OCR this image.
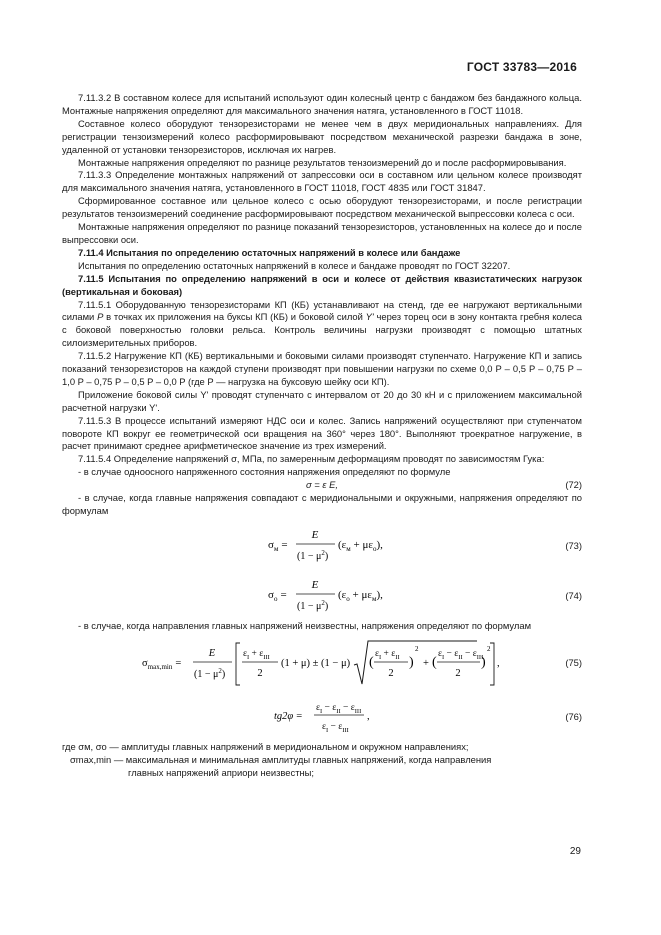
ГОСТ 33783—2016

7.11.3.2 В составном колесе для испытаний используют один колесный центр с бандажом без бандажного кольца. Монтажные напряжения определяют для максимального значения натяга, установленного в ГОСТ 11018.

Составное колесо оборудуют тензорезисторами не менее чем в двух меридиональных направлениях. Для регистрации тензоизмерений колесо расформировывают посредством механической разрезки бандажа в зоне, удаленной от установки тензорезисторов, исключая их нагрев.

Монтажные напряжения определяют по разнице результатов тензоизмерений до и после расформировывания.

7.11.3.3 Определение монтажных напряжений от запрессовки оси в составном или цельном колесе производят для максимального значения натяга, установленного в ГОСТ 11018, ГОСТ 4835 или ГОСТ 31847.

Сформированное составное или цельное колесо с осью оборудуют тензорезисторами, и после регистрации результатов тензоизмерений соединение расформировывают посредством механической выпрессовки колеса с оси.

Монтажные напряжения определяют по разнице показаний тензорезисторов, установленных на колесе до и после выпрессовки оси.

7.11.4 Испытания по определению остаточных напряжений в колесе или бандаже

Испытания по определению остаточных напряжений в колесе и бандаже проводят по ГОСТ 32207.

7.11.5 Испытания по определению напряжений в оси и колесе от действия квазистатических нагрузок (вертикальная и боковая)

7.11.5.1 Оборудованную тензорезисторами КП (КБ) устанавливают на стенд, где ее нагружают вертикальными силами P в точках их приложения на буксы КП (КБ) и боковой силой Y' через торец оси в зону контакта гребня колеса с боковой поверхностью головки рельса. Контроль величины нагрузки производят с помощью штатных силоизмерительных приборов.

7.11.5.2 Нагружение КП (КБ) вертикальными и боковыми силами производят ступенчато. Нагружение КП и запись показаний тензорезисторов на каждой ступени производят при повышении нагрузки по схеме 0,0 P – 0,5 P – 0,75 P – 1,0 P – 0,75 P – 0,5 P – 0,0 P (где P — нагрузка на буксовую шейку оси КП).

Приложение боковой силы Y' проводят ступенчато с интервалом от 20 до 30 кН и с приложением максимальной расчетной нагрузки Y'.

7.11.5.3 В процессе испытаний измеряют НДС оси и колес. Запись напряжений осуществляют при ступенчатом повороте КП вокруг ее геометрической оси вращения на 360° через 180°. Выполняют троекратное нагружение, в расчет принимают среднее арифметическое значение из трех измерений.

7.11.5.4 Определение напряжений σ, МПа, по замеренным деформациям проводят по зависимостям Гука:

- в случае одноосного напряженного состояния напряжения определяют по формуле

σ = ε E,	(72)

- в случае, когда главные напряжения совпадают с меридиональными и окружными, напряжения определяют по формулам

$\sigma_м$ =
E
$(1 - \mu^2)$
$(\varepsilon_м + \mu\varepsilon_о)$,	(73)
$\sigma_о$ =
E
$(1 - \mu^2)$
$(\varepsilon_о + \mu\varepsilon_м)$,	(74)

- в случае, когда направления главных напряжений неизвестны, напряжения определяют по формулам

$\sigma_{max,min}$ =
E
$(1 - \mu^2)$
$\varepsilon_I + \varepsilon_{III}$
2
(1 + μ) ± (1 − μ) (
$\varepsilon_I + \varepsilon_{II}$
2
)
2
+ (
$\varepsilon_I - \varepsilon_{II} - \varepsilon_{III}$
2
)
2
,	(75)
tg2φ =
$\varepsilon_I - \varepsilon_{II} - \varepsilon_{III}$
$\varepsilon_I - \varepsilon_{III}$
,	(76)

где σм, σо — амплитуды главных напряжений в меридиональном и окружном направлениях;

σmax,min — максимальная и минимальная амплитуды главных напряжений, когда направления

главных напряжений априори неизвестны;

29
